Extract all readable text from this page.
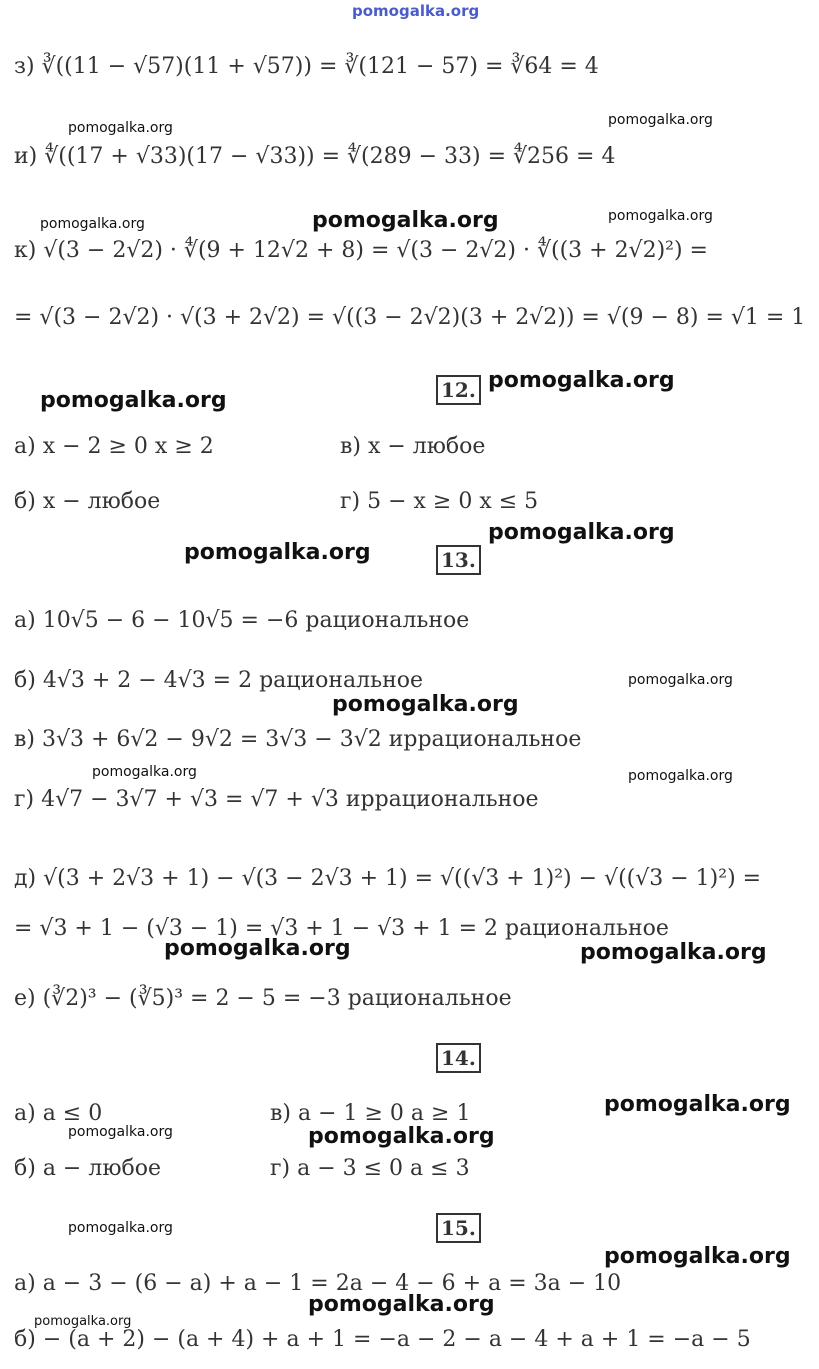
pomogalka.org
з) ∛((11 − √57)(11 + √57)) = ∛(121 − 57) = ∛64 = 4
и) ∜((17 + √33)(17 − √33)) = ∜(289 − 33) = ∜256 = 4
к) √(3 − 2√2) · ∜(9 + 12√2 + 8) = √(3 − 2√2) · ∜((3 + 2√2)²) =
= √(3 − 2√2) · √(3 + 2√2) = √((3 − 2√2)(3 + 2√2)) = √(9 − 8) = √1 = 1
pomogalka.org	pomogalka.org
pomogalka.org	pomogalka.org	pomogalka.org
12. pomogalka.org
pomogalka.org
а) x − 2 ≥ 0 x ≥ 2	в) x − любое
б) x − любое	г) 5 − x ≥ 0 x ≤ 5
pomogalka.org
pomogalka.org	13.
а) 10√5 − 6 − 10√5 = −6 рациональное
б) 4√3 + 2 − 4√3 = 2 рациональное	pomogalka.org
pomogalka.org
в) 3√3 + 6√2 − 9√2 = 3√3 − 3√2 иррациональное
pomogalka.org	pomogalka.org
г) 4√7 − 3√7 + √3 = √7 + √3 иррациональное
д) √(3 + 2√3 + 1) − √(3 − 2√3 + 1) = √((√3 + 1)²) − √((√3 − 1)²) =
= √3 + 1 − (√3 − 1) = √3 + 1 − √3 + 1 = 2 рациональное
pomogalka.org	pomogalka.org
е) (∛2)³ − (∛5)³ = 2 − 5 = −3 рациональное
14.
pomogalka.org
а) a ≤ 0	в) a − 1 ≥ 0 a ≥ 1
pomogalka.org	pomogalka.org
б) a − любое	г) a − 3 ≤ 0 a ≤ 3
pomogalka.org	15.
pomogalka.org
а) a − 3 − (6 − a) + a − 1 = 2a − 4 − 6 + a = 3a − 10
pomogalka.org
pomogalka.org
б) − (a + 2) − (a + 4) + a + 1 = −a − 2 − a − 4 + a + 1 = −a − 5
